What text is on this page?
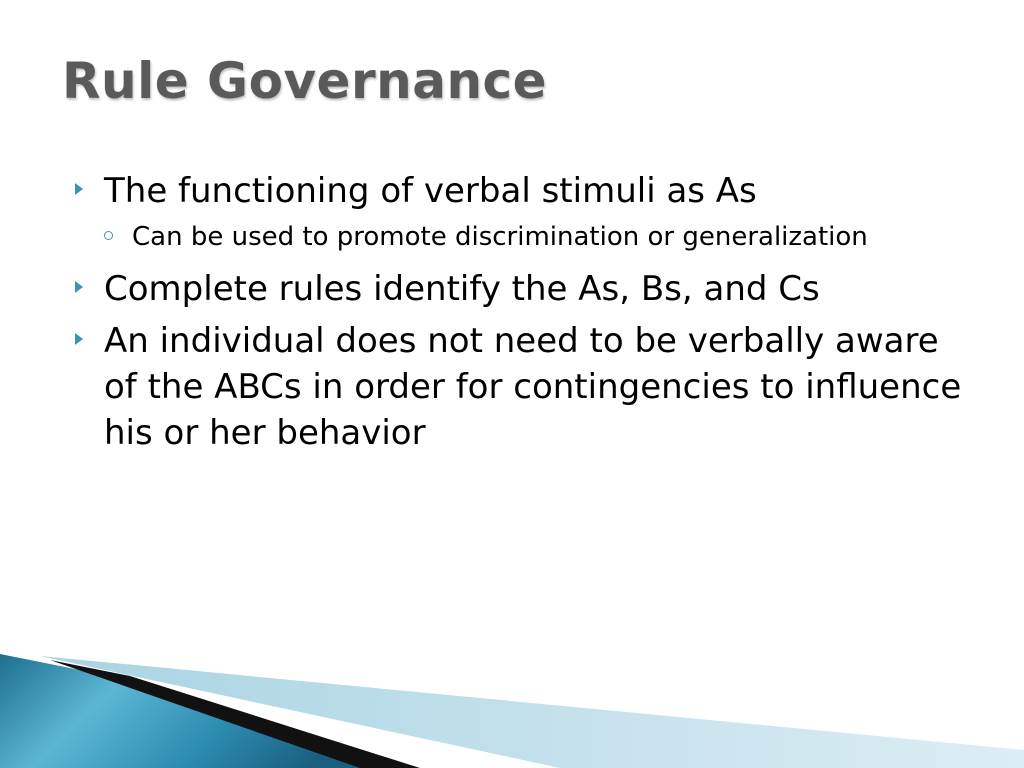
Rule Governance
The functioning of verbal stimuli as As
Can be used to promote discrimination or generalization
Complete rules identify the As, Bs, and Cs
An individual does not need to be verbally aware of the ABCs in order for contingencies to influence his or her behavior
